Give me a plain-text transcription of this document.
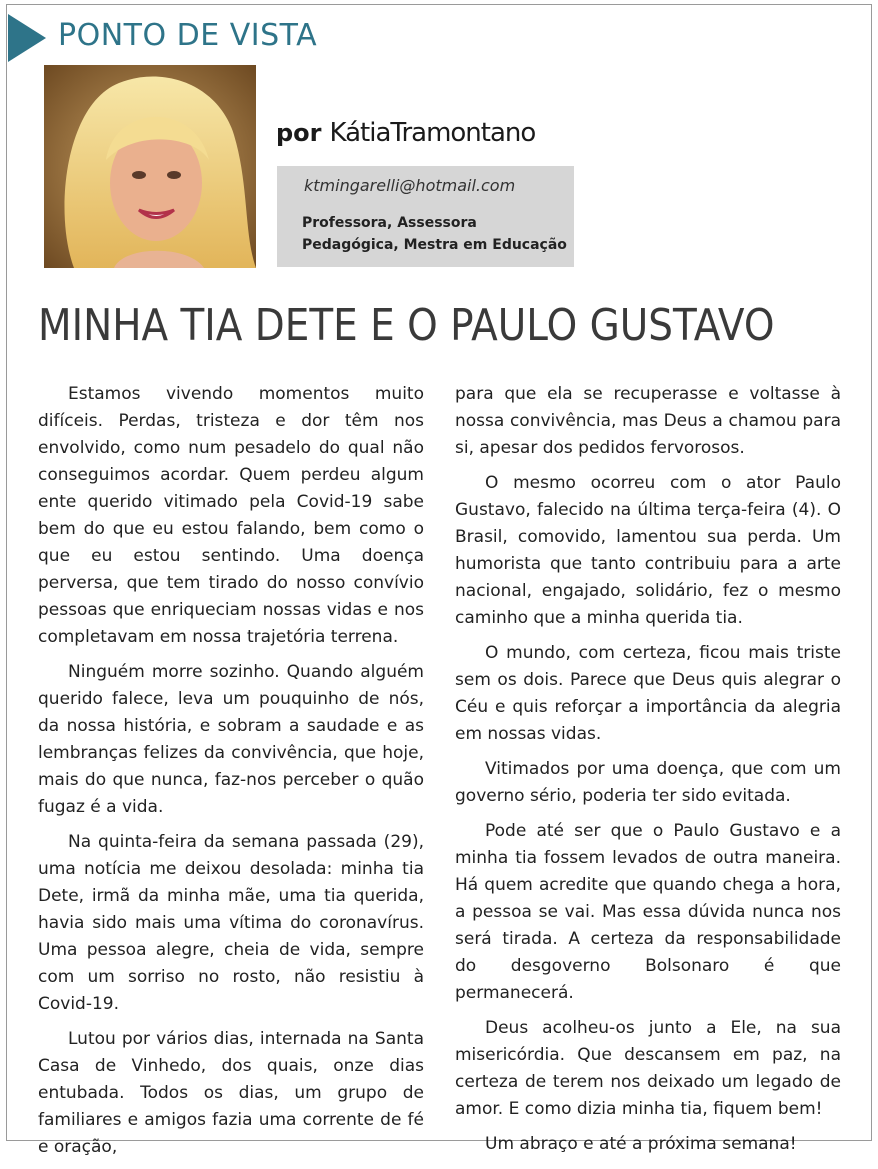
PONTO DE VISTA
por KátiaTramontano
ktmingarelli@hotmail.com
Professora, Assessora
Pedagógica, Mestra em Educação
MINHA TIA DETE E O PAULO GUSTAVO

Estamos vivendo momentos muito difíceis. Perdas, tristeza e dor têm nos envolvido, como num pesadelo do qual não conseguimos acordar. Quem perdeu algum ente querido vitimado pela Covid-19 sabe bem do que eu estou falando, bem como o que eu estou sentindo. Uma doença perversa, que tem tirado do nosso convívio pessoas que enriqueciam nossas vidas e nos completavam em nossa trajetória terrena.

Ninguém morre sozinho. Quando alguém querido falece, leva um pouquinho de nós, da nossa história, e sobram a saudade e as lembranças felizes da convivência, que hoje, mais do que nunca, faz-nos perceber o quão fugaz é a vida.

Na quinta-feira da semana passada (29), uma notícia me deixou desolada: minha tia Dete, irmã da minha mãe, uma tia querida, havia sido mais uma vítima do coronavírus. Uma pessoa alegre, cheia de vida, sempre com um sorriso no rosto, não resistiu à Covid-19.

Lutou por vários dias, internada na Santa Casa de Vinhedo, dos quais, onze dias entubada. Todos os dias, um grupo de familiares e amigos fazia uma corrente de fé e oração,

para que ela se recuperasse e voltasse à nossa convivência, mas Deus a chamou para si, apesar dos pedidos fervorosos.

O mesmo ocorreu com o ator Paulo Gustavo, falecido na última terça-feira (4). O Brasil, comovido, lamentou sua perda. Um humorista que tanto contribuiu para a arte nacional, engajado, solidário, fez o mesmo caminho que a minha querida tia.

O mundo, com certeza, ficou mais triste sem os dois. Parece que Deus quis alegrar o Céu e quis reforçar a importância da alegria em nossas vidas.

Vitimados por uma doença, que com um governo sério, poderia ter sido evitada.

Pode até ser que o Paulo Gustavo e a minha tia fossem levados de outra maneira. Há quem acredite que quando chega a hora, a pessoa se vai. Mas essa dúvida nunca nos será tirada. A certeza da responsabilidade do desgoverno Bolsonaro é que permanecerá.

Deus acolheu-os junto a Ele, na sua misericórdia. Que descansem em paz, na certeza de terem nos deixado um legado de amor. E como dizia minha tia, fiquem bem!

Um abraço e até a próxima semana!
